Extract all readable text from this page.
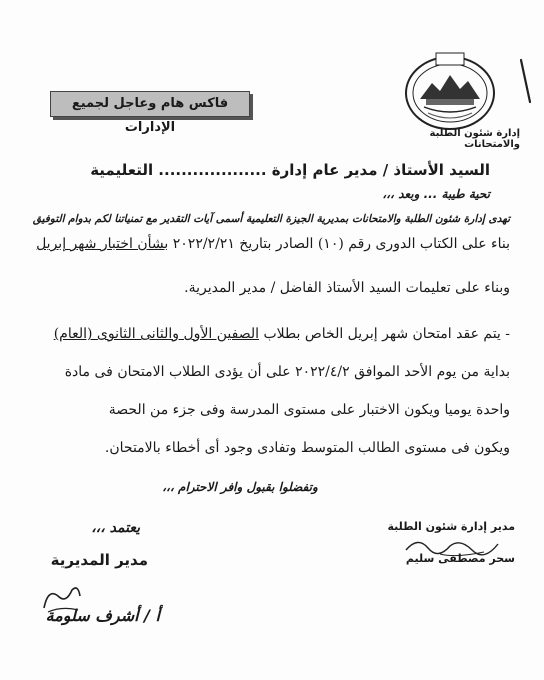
إدارة شئون الطلبة والامتحانات
فاكس هام وعاجل لجميع الإدارات
السيد الأستاذ / مدير عام إدارة ................... التعليمية
تحية طيبة ... وبعد ،،،
تهدى إدارة شئون الطلبة والامتحانات بمديرية الجيزة التعليمية أسمى آيات التقدير مع تمنياتنا لكم بدوام التوفيق
بناء على الكتاب الدورى رقم (١٠) الصادر بتاريخ ٢٠٢٢/٢/٢١ بشأن اختبار شهر إبريل
وبناء على تعليمات السيد الأستاذ الفاضل / مدير المديرية.
- يتم عقد امتحان شهر إبريل الخاص بطلاب الصفين الأول والثانى الثانوى (العام)
بداية من يوم الأحد الموافق ٢٠٢٢/٤/٢ على أن يؤدى الطلاب الامتحان فى مادة
واحدة يوميا ويكون الاختبار على مستوى المدرسة وفى جزء من الحصة
ويكون فى مستوى الطالب المتوسط وتفادى وجود أى أخطاء بالامتحان.
وتفضلوا بقبول وافر الاحترام ،،،
مدير إدارة شئون الطلبة
سحر مصطفى سليم
يعتمد ،،،
مدير المديرية
أ / أشرف سلومة
